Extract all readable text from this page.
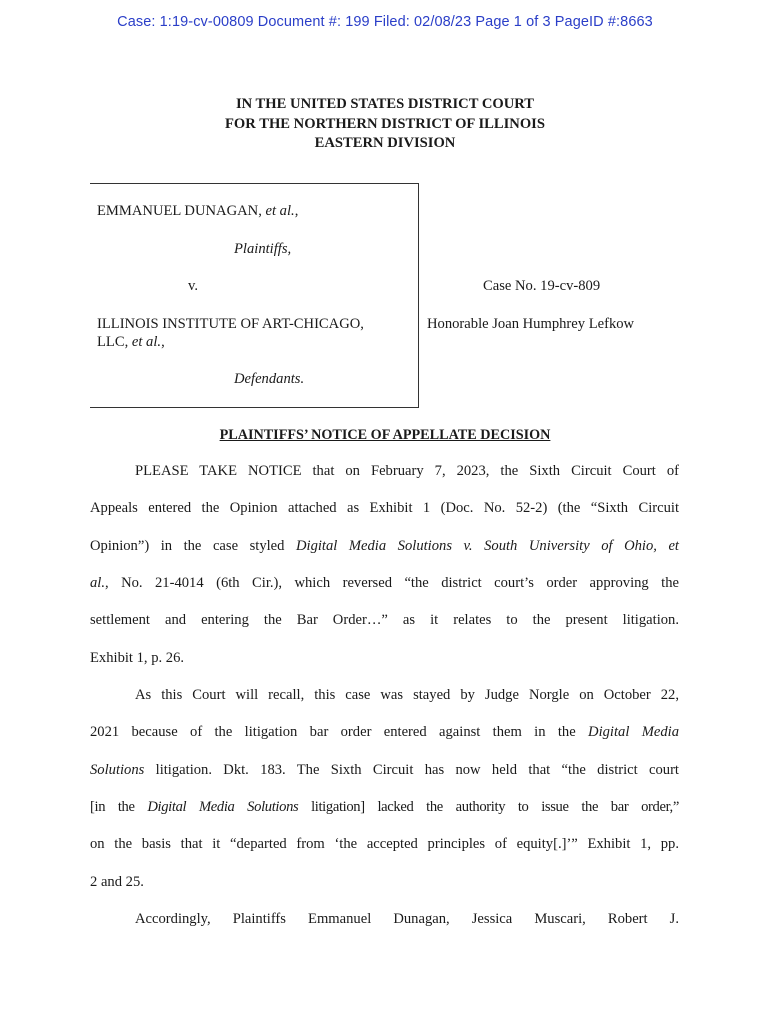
Case: 1:19-cv-00809 Document #: 199 Filed: 02/08/23 Page 1 of 3 PageID #:8663
IN THE UNITED STATES DISTRICT COURT
FOR THE NORTHERN DISTRICT OF ILLINOIS
EASTERN DIVISION
EMMANUEL DUNAGAN, et al.,
Plaintiffs,
v.
ILLINOIS INSTITUTE OF ART-CHICAGO,
LLC, et al.,
Defendants.
Case No. 19-cv-809
Honorable Joan Humphrey Lefkow
PLAINTIFFS’ NOTICE OF APPELLATE DECISION
PLEASE TAKE NOTICE that on February 7, 2023, the Sixth Circuit Court of
Appeals entered the Opinion attached as Exhibit 1 (Doc. No. 52-2) (the “Sixth Circuit
Opinion”) in the case styled Digital Media Solutions v. South University of Ohio, et
al., No. 21-4014 (6th Cir.), which reversed “the district court’s order approving the
settlement and entering the Bar Order…” as it relates to the present litigation.
Exhibit 1, p. 26.
As this Court will recall, this case was stayed by Judge Norgle on October 22,
2021 because of the litigation bar order entered against them in the Digital Media
Solutions litigation. Dkt. 183. The Sixth Circuit has now held that “the district court
[in the Digital Media Solutions litigation] lacked the authority to issue the bar order,”
on the basis that it “departed from ‘the accepted principles of equity[.]’” Exhibit 1, pp.
2 and 25.
Accordingly, Plaintiffs Emmanuel Dunagan, Jessica Muscari, Robert J.
